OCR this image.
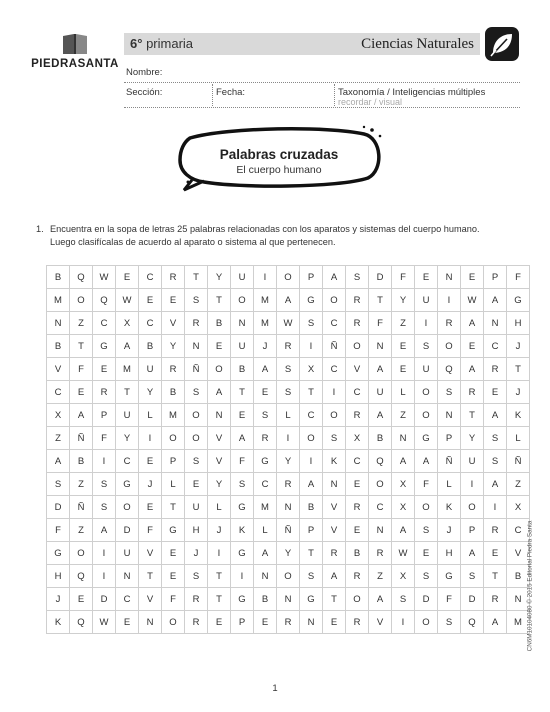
PIEDRASANTA
6° primaria	Ciencias Naturales
Nombre:
Sección:	Fecha:	Taxonomía / Inteligencias múltiples
recordar / visual
Palabras cruzadas
El cuerpo humano
1. Encuentra en la sopa de letras 25 palabras relacionadas con los aparatos y sistemas del cuerpo humano. Luego clasifícalas de acuerdo al aparato o sistema al que pertenecen.
B	Q	W	E	C	R	T	Y	U	I	O	P	A	S	D	F	E	N	E	P	F
M	O	Q	W	E	E	S	T	O	M	A	G	O	R	T	Y	U	I	W	A	G
N	Z	C	X	C	V	R	B	N	M	W	S	C	R	F	Z	I	R	A	N	H
B	T	G	A	B	Y	N	E	U	J	R	I	Ñ	O	N	E	S	O	E	C	J
V	F	E	M	U	R	Ñ	O	B	A	S	X	C	V	A	E	U	Q	A	R	T
C	E	R	T	Y	B	S	A	T	E	S	T	I	C	U	L	O	S	R	E	J
X	A	P	U	L	M	O	N	E	S	L	C	O	R	A	Z	O	N	T	A	K
Z	Ñ	F	Y	I	O	O	V	A	R	I	O	S	X	B	N	G	P	Y	S	L
A	B	I	C	E	P	S	V	F	G	Y	I	K	C	Q	A	A	Ñ	U	S	Ñ
S	Z	S	G	J	L	E	Y	S	C	R	A	N	E	O	X	F	L	I	A	Z
D	Ñ	S	O	E	T	U	L	G	M	N	B	V	R	C	X	O	K	O	I	X
F	Z	A	D	F	G	H	J	K	L	Ñ	P	V	E	N	A	S	J	P	R	C
G	O	I	U	V	E	J	I	G	A	Y	T	R	B	R	W	E	H	A	E	V
H	Q	I	N	T	E	S	T	I	N	O	S	A	R	Z	X	S	G	S	T	B
J	E	D	C	V	F	R	T	G	B	N	G	T	O	A	S	D	F	D	R	N
K	Q	W	E	N	O	R	E	P	E	R	N	E	R	V	I	O	S	Q	A	M CN6M10104080 © 2015 Editorial Piedra Santa
1
